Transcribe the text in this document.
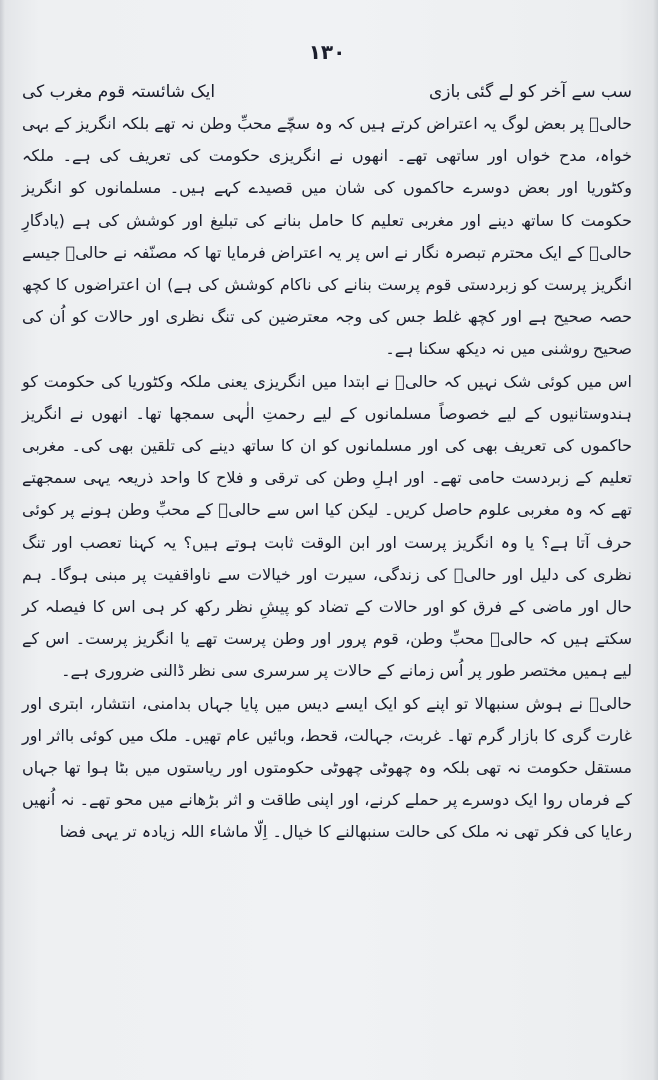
۱۳۰
سب سے آخر کو لے گئی بازی
ایک شائستہ قوم مغرب کی

حالیؔ پر بعض لوگ یہ اعتراض کرتے ہیں کہ وہ سچّے محبِّ وطن نہ تھے بلکہ انگریز کے بہی خواہ، مدح خواں اور ساتھی تھے۔ انھوں نے انگریزی حکومت کی تعریف کی ہے۔ ملکہ وکٹوریا اور بعض دوسرے حاکموں کی شان میں قصیدے کہے ہیں۔ مسلمانوں کو انگریز حکومت کا ساتھ دینے اور مغربی تعلیم کا حامل بنانے کی تبلیغ اور کوشش کی ہے (یادگارِ حالیؔ کے ایک محترم تبصرہ نگار نے اس پر یہ اعتراض فرمایا تھا کہ مصنّفہ نے حالیؔ جیسے انگریز پرست کو زبردستی قوم پرست بنانے کی ناکام کوشش کی ہے) ان اعتراضوں کا کچھ حصہ صحیح ہے اور کچھ غلط جس کی وجہ معترضین کی تنگ نظری اور حالات کو اُن کی صحیح روشنی میں نہ دیکھ سکنا ہے۔

اس میں کوئی شک نہیں کہ حالیؔ نے ابتدا میں انگریزی یعنی ملکہ وکٹوریا کی حکومت کو ہندوستانیوں کے لیے خصوصاً مسلمانوں کے لیے رحمتِ الٰہی سمجھا تھا۔ انھوں نے انگریز حاکموں کی تعریف بھی کی اور مسلمانوں کو ان کا ساتھ دینے کی تلقین بھی کی۔ مغربی تعلیم کے زبردست حامی تھے۔ اور اہلِ وطن کی ترقی و فلاح کا واحد ذریعہ یہی سمجھتے تھے کہ وہ مغربی علوم حاصل کریں۔ لیکن کیا اس سے حالیؔ کے محبِّ وطن ہونے پر کوئی حرف آتا ہے؟ یا وہ انگریز پرست اور ابن الوقت ثابت ہوتے ہیں؟ یہ کہنا تعصب اور تنگ نظری کی دلیل اور حالیؔ کی زندگی، سیرت اور خیالات سے ناواقفیت پر مبنی ہوگا۔ ہم حال اور ماضی کے فرق کو اور حالات کے تضاد کو پیشِ نظر رکھ کر ہی اس کا فیصلہ کر سکتے ہیں کہ حالیؔ محبِّ وطن، قوم پرور اور وطن پرست تھے یا انگریز پرست۔ اس کے لیے ہمیں مختصر طور پر اُس زمانے کے حالات پر سرسری سی نظر ڈالنی ضروری ہے۔

حالیؔ نے ہوش سنبھالا تو اپنے کو ایک ایسے دیس میں پایا جہاں بدامنی، انتشار، ابتری اور غارت گری کا بازار گرم تھا۔ غربت، جہالت، قحط، وبائیں عام تھیں۔ ملک میں کوئی بااثر اور مستقل حکومت نہ تھی بلکہ وہ چھوٹی چھوٹی حکومتوں اور ریاستوں میں بٹا ہوا تھا جہاں کے فرماں روا ایک دوسرے پر حملے کرنے، اور اپنی طاقت و اثر بڑھانے میں محو تھے۔ نہ اُنھیں رعایا کی فکر تھی نہ ملک کی حالت سنبھالنے کا خیال۔ اِلّا ماشاء اللہ زیادہ تر یہی فضا
